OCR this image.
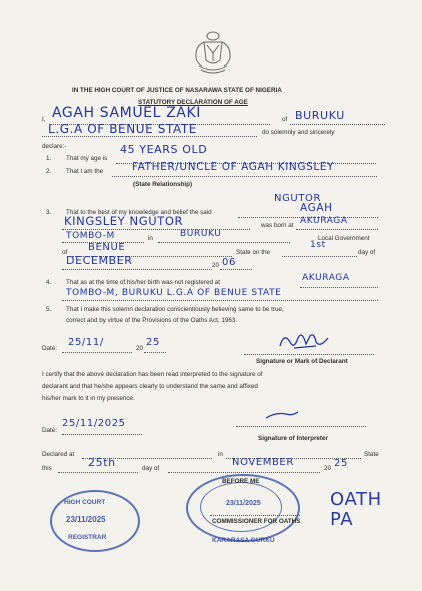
IN THE HIGH COURT OF JUSTICE OF NASARAWA STATE OF NIGERIA
STATUTORY DECLARATION OF AGE
I, AGAH SAMUEL ZAKI	of BURUKU
L.G.A OF BENUE STATE	do solemnly and sincerely
declare:-
1. That my age is
45 YEARS OLD
2. That I am the	FATHER/UNCLE OF AGAH KINGSLEY
(State Relationship)
NGUTOR
3. That to the best of my knowledge and belief the said	AGAH
KINGSLEY NGUTOR	was born at AKURAGA
TOMBO-M	in	BURUKU	Local Government
of BENUE	State on the
1st
day of
DECEMBER	20 06
4. That as at the time of his/her birth was not registered at	AKURAGA
TOMBO-M, BURUKU L.G.A OF BENUE STATE
5. That I make this solemn declaration conscientiously believing same to be true,
correct and by virtue of the Provisions of the Oaths Act, 1963.
Date:
25/11/
20
25
Signature or Mark of Declarant
I certify that the above declaration has been read interpreted to the signature of
declarant and that he/she appears clearly to understand the same and affixed
his/her mark to it in my presence.
Date:
25/11/2025
Signature of Interpreter
Declared at	in	State
this	25th	day of
NOVEMBER
20 25
23/11/2025
KARARASA GURKU
BEFORE ME
COMMISSIONER FOR OATHS
HIGH COURT
23/11/2025
REGISTRAR
OATH PA
